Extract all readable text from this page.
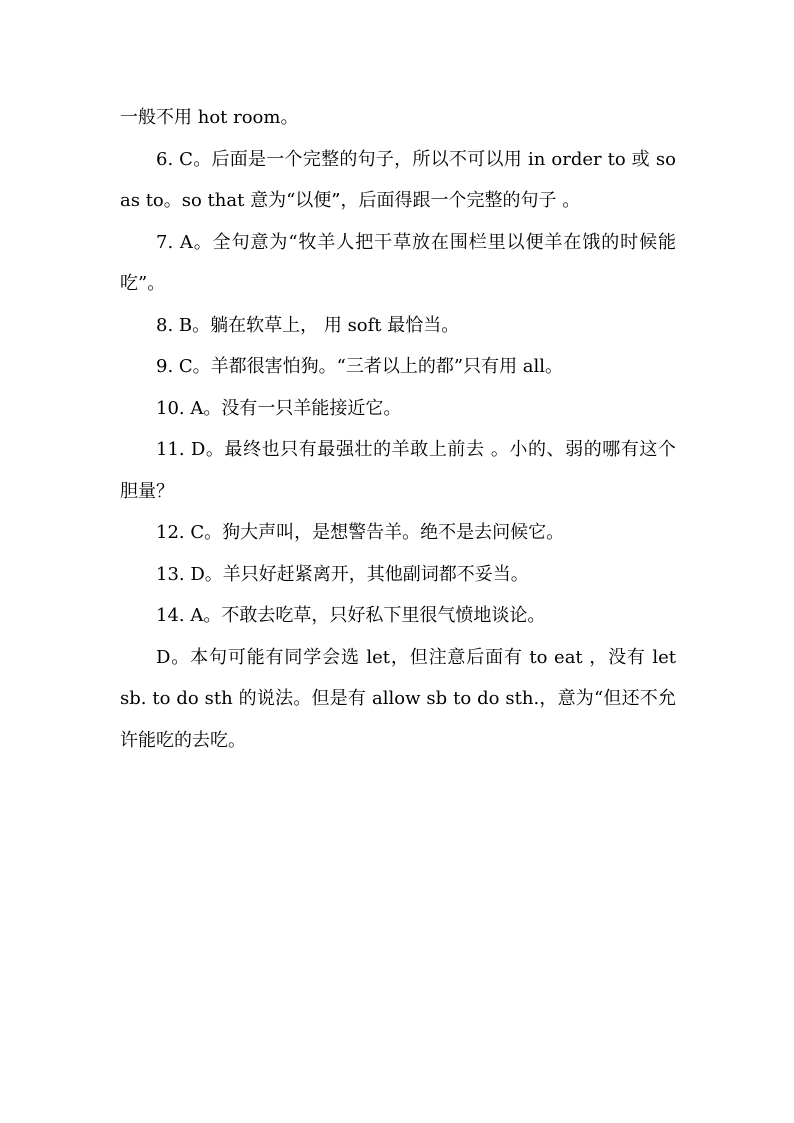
一般不用 hot room。

6. C。后面是一个完整的句子，所以不可以用 in order to 或 so as to。so that 意为“以便”，后面得跟一个完整的句子 。

7. A。全句意为“牧羊人把干草放在围栏里以便羊在饿的时候能吃”。

8. B。躺在软草上， 用 soft 最恰当。

9. C。羊都很害怕狗。“三者以上的都”只有用 all。

10. A。没有一只羊能接近它。

11. D。最终也只有最强壮的羊敢上前去 。小的、弱的哪有这个胆量？

12. C。狗大声叫，是想警告羊。绝不是去问候它。

13. D。羊只好赶紧离开，其他副词都不妥当。

14. A。不敢去吃草，只好私下里很气愤地谈论。

D。本句可能有同学会选 let，但注意后面有 to eat ，没有 let sb. to do sth 的说法。但是有 allow sb to do sth.，意为“但还不允许能吃的去吃。
